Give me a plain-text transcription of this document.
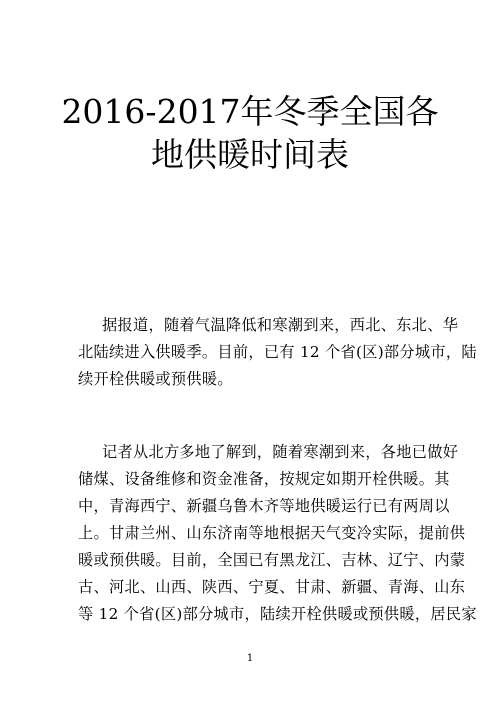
2016-2017年冬季全国各
地供暖时间表
据报道，随着气温降低和寒潮到来，西北、东北、华
北陆续进入供暖季。目前，已有 12 个省(区)部分城市，陆
续开栓供暖或预供暖。
记者从北方多地了解到，随着寒潮到来，各地已做好
储煤、设备维修和资金准备，按规定如期开栓供暖。其
中，青海西宁、新疆乌鲁木齐等地供暖运行已有两周以
上。甘肃兰州、山东济南等地根据天气变冷实际，提前供
暖或预供暖。目前，全国已有黑龙江、吉林、辽宁、内蒙
古、河北、山西、陕西、宁夏、甘肃、新疆、青海、山东
等 12 个省(区)部分城市，陆续开栓供暖或预供暖，居民家
1
